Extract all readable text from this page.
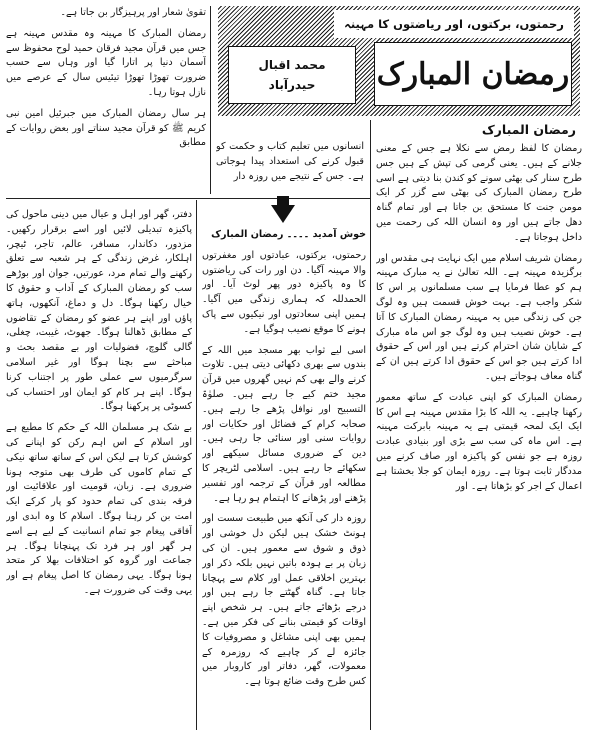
رحمتوں، برکتوں، اور ریاضتوں کا مہینہ
رمضان المبارک
محمد اقبال
حیدرآباد

تقویٰ شعار اور پرہیزگار بن جاتا ہے۔

رمضان المبارک کا مہینہ وہ مقدس مہینہ ہے جس میں قرآن مجید فرقان حمید لوح محفوظ سے آسمان دنیا پر اتارا گیا اور وہاں سے حسب ضرورت تھوڑا تھوڑا تیئیس سال کے عرصے میں نازل ہوتا رہا۔

ہر سال رمضان المبارک میں جبرئیل امین نبی کریم ﷺ کو قرآن مجید سناتے اور بعض روایات کے مطابق

رمضان المبارک

انسانوں میں تعلیم کتاب و حکمت کو قبول کرنے کی استعداد پیدا ہوجاتی ہے۔ جس کے نتیجے میں روزہ دار

رمضان کا لفظ رمض سے نکلا ہے جس کے معنی جلانے کے ہیں۔ یعنی گرمی کی تپش کے ہیں جس طرح سنار کی بھٹی سونے کو کندن بنا دیتی ہے اسی طرح رمضان المبارک کی بھٹی سے گزر کر ایک مومن جنت کا مستحق بن جاتا ہے اور تمام گناہ دھل جاتے ہیں اور وہ انسان اللہ کی رحمت میں داخل ہوجاتا ہے۔

رمضان شریف اسلام میں ایک نہایت ہی مقدس اور برگزیدہ مہینہ ہے۔ اللہ تعالیٰ نے یہ مبارک مہینہ ہم کو عطا فرمایا ہے سب مسلمانوں پر اس کا شکر واجب ہے۔ بہت خوش قسمت ہیں وہ لوگ جن کی زندگی میں یہ مہینہ رمضان المبارک کا آتا ہے۔ خوش نصیب ہیں وہ لوگ جو اس ماہ مبارک کے شایان شان احترام کرتے ہیں اور اس کے حقوق ادا کرتے ہیں جو اس کے حقوق ادا کرتے ہیں ان کے گناہ معاف ہوجاتے ہیں۔

رمضان المبارک کو اپنی عبادت کے ساتھ معمور رکھنا چاہیے۔ یہ اللہ کا بڑا مقدس مہینہ ہے اس کا ایک ایک لمحہ قیمتی ہے یہ مہینہ بابرکت مہینہ ہے۔ اس ماہ کی سب سے بڑی اور بنیادی عبادت روزہ ہے جو نفس کو پاکیزہ اور صاف کرنے میں مددگار ثابت ہوتا ہے۔ روزہ ایمان کو جلا بخشتا ہے اعمال کے اجر کو بڑھاتا ہے۔ اور

خوش آمدید ۔۔۔۔ رمضان المبارک

رحمتوں، برکتوں، عبادتوں اور مغفرتوں والا مہینہ آگیا۔ دن اور رات کی ریاضتوں کا وہ پاکیزہ دور پھر لوٹ آیا۔ اور الحمدللہ کہ ہماری زندگی میں آگیا۔ ہمیں اپنی سعادتوں اور نیکیوں سے پاک ہونے کا موقع نصیب ہوگیا ہے۔

اسی لیے ثواب بھر مسجد میں اللہ کے بندوں سے بھری دکھائی دیتی ہیں۔ تلاوت کرنے والے بھی کم نہیں گھروں میں قرآن مجید ختم کیے جا رہے ہیں۔ صلوٰۃ التسبیح اور نوافل پڑھے جا رہے ہیں۔ صحابہ کرام کے فضائل اور حکایات اور روایات سنی اور سنائی جا رہی ہیں۔ دین کے ضروری مسائل سیکھے اور سکھائے جا رہے ہیں۔ اسلامی لٹریچر کا مطالعہ اور قرآن کے ترجمہ اور تفسیر پڑھنے اور پڑھانے کا اہتمام ہو رہا ہے۔

روزہ دار کی آنکھ میں طبیعت سست اور ہونٹ خشک ہیں لیکن دل خوشی اور ذوق و شوق سے معمور ہیں۔ ان کی زبان پر بے ہودہ باتیں نہیں بلکہ ذکر اور بہترین اخلاقی عمل اور کلام سے پہچانا جاتا ہے۔ گناہ گھٹتے جا رہے ہیں اور درجے بڑھائے جاتے ہیں۔ ہر شخص اپنے اوقات کو قیمتی بنانے کی فکر میں ہے۔ ہمیں بھی اپنی مشاغل و مصروفیات کا جائزہ لے کر چاہیے کہ روزمرہ کے معمولات، گھر، دفاتر اور کاروبار میں کس طرح وقت ضائع ہوتا ہے۔

دفتر، گھر اور اہل و عیال میں دینی ماحول کی پاکیزہ تبدیلی لائیں اور اسے برقرار رکھیں۔ مزدور، دکاندار، مسافر، عالم، تاجر، ٹیچر، اہلکار، غرض زندگی کے ہر شعبہ سے تعلق رکھنے والے تمام مرد، عورتیں، جوان اور بوڑھے سب کو رمضان المبارک کے آداب و حقوق کا خیال رکھنا ہوگا۔ دل و دماغ، آنکھوں، ہاتھ پاؤں اور اپنے ہر عضو کو رمضان کے تقاضوں کے مطابق ڈھالنا ہوگا۔ جھوٹ، غیبت، چغلی، گالی گلوچ، فضولیات اور بے مقصد بحث و مباحثے سے بچنا ہوگا اور غیر اسلامی سرگرمیوں سے عملی طور پر اجتناب کرنا ہوگا۔ اپنے ہر کام کو ایمان اور احتساب کی کسوٹی پر پرکھنا ہوگا۔

بے شک ہر مسلمان اللہ کے حکم کا مطیع ہے اور اسلام کے اس اہم رکن کو اپنانے کی کوشش کرتا ہے لیکن اس کے ساتھ ساتھ نیکی کے تمام کاموں کی طرف بھی متوجہ ہونا ضروری ہے۔ زبان، قومیت اور علاقائیت اور فرقہ بندی کی تمام حدود کو پار کرکے ایک امت بن کر رہنا ہوگا۔ اسلام کا وہ ابدی اور آفاقی پیغام جو تمام انسانیت کے لیے ہے اسے ہر گھر اور ہر فرد تک پہنچانا ہوگا۔ ہر جماعت اور گروہ کو اختلافات بھلا کر متحد ہونا ہوگا۔ یہی رمضان کا اصل پیغام ہے اور یہی وقت کی ضرورت ہے۔
